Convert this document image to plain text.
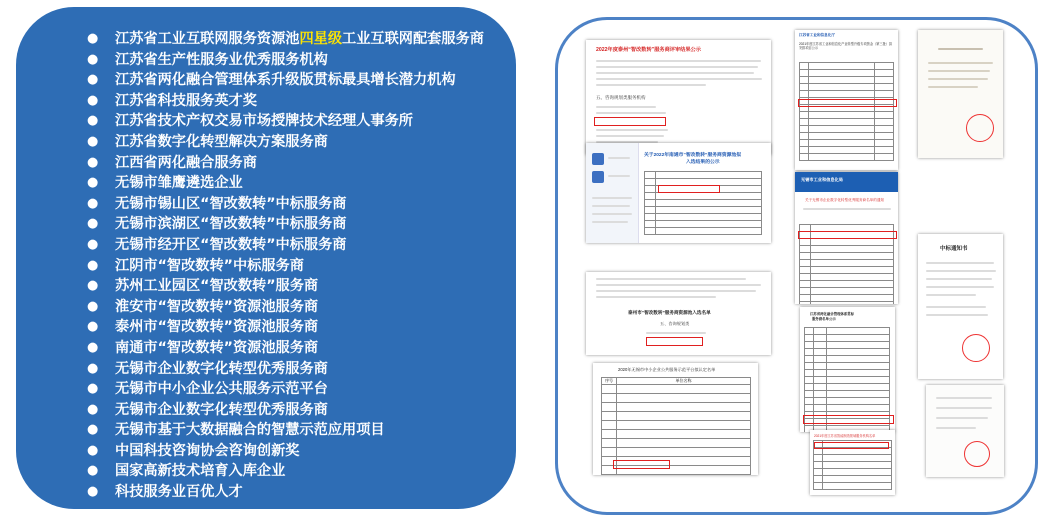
● 江苏省工业互联网服务资源池四星级工业互联网配套服务商
● 江苏省生产性服务业优秀服务机构
● 江苏省两化融合管理体系升级版贯标最具增长潜力机构
● 江苏省科技服务英才奖
● 江苏省技术产权交易市场授牌技术经理人事务所
● 江苏省数字化转型解决方案服务商
● 江西省两化融合服务商
● 无锡市雏鹰遴选企业
● 无锡市锡山区“智改数转”中标服务商
● 无锡市滨湖区“智改数转”中标服务商
● 无锡市经开区“智改数转”中标服务商
● 江阴市“智改数转”中标服务商
● 苏州工业园区“智改数转”服务商
● 淮安市“智改数转”资源池服务商
● 泰州市“智改数转”资源池服务商
● 南通市“智改数转”资源池服务商
● 无锡市企业数字化转型优秀服务商
● 无锡市中小企业公共服务示范平台
● 无锡市企业数字化转型优秀服务商
● 无锡市基于大数据融合的智慧示范应用项目
● 中国科技咨询协会咨询创新奖
● 国家高新技术培育入库企业
● 科技服务业百优人才
2022年度泰州“智改数转”服务商评审结果公示
五、咨询规划类服务机构
江苏省工业和信息化厅
2021年度江苏省工业和信息化产业转型升级专项资金（第三批）拟安排项目公示

关于2022年南通市“智改数转”服务商资源池拟
入选结果的公示

无锡市工业和信息化局
关于无锡市企业数字化转型优秀服务商名单的通知

泰州市“智改数转”服务商资源池入选名单
五、咨询规划类
2020年无锡市中小企业公共服务示范平台拟认定名单
序号	单位名称

江苏省两化融合管理体系贯标
服务商名单公示

2021年度江苏省智能制造领域服务机构名单

中标通知书
